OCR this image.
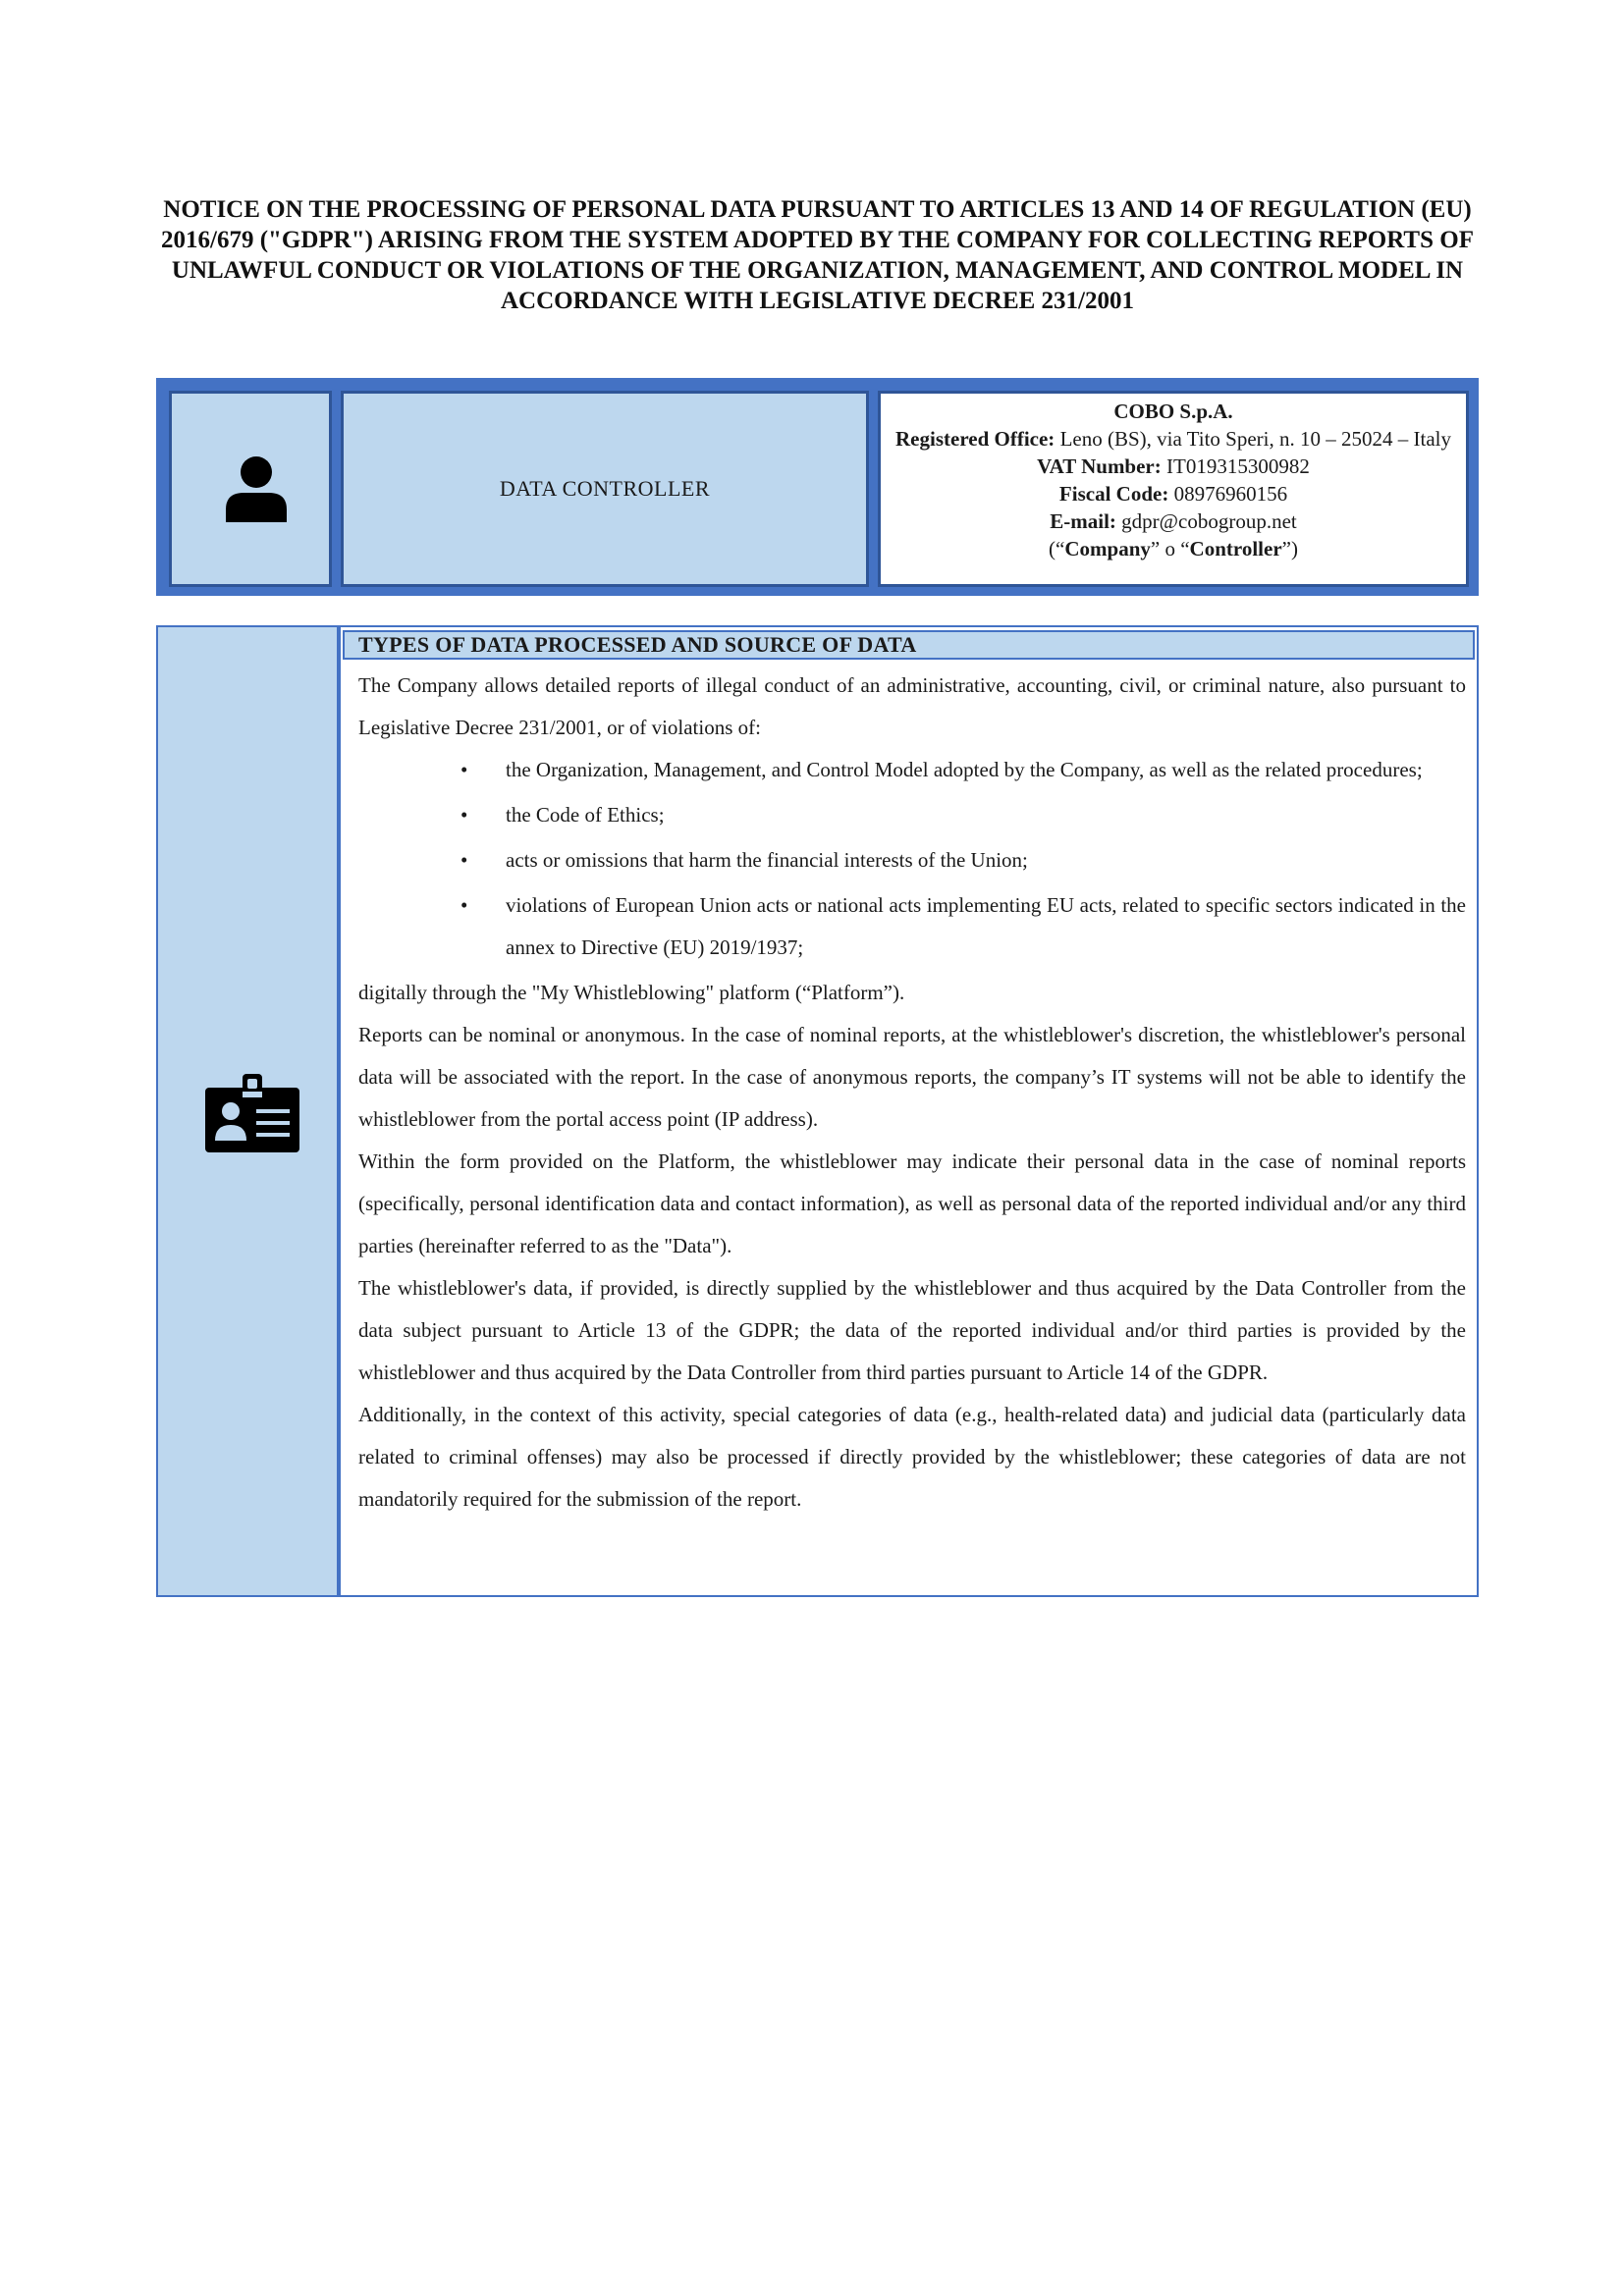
NOTICE ON THE PROCESSING OF PERSONAL DATA PURSUANT TO ARTICLES 13 AND 14 OF REGULATION (EU) 2016/679 ("GDPR") ARISING FROM THE SYSTEM ADOPTED BY THE COMPANY FOR COLLECTING REPORTS OF UNLAWFUL CONDUCT OR VIOLATIONS OF THE ORGANIZATION, MANAGEMENT, AND CONTROL MODEL IN ACCORDANCE WITH LEGISLATIVE DECREE 231/2001
DATA CONTROLLER
COBO S.p.A.
Registered Office: Leno (BS), via Tito Speri, n. 10 – 25024 – Italy
VAT Number: IT019315300982
Fiscal Code: 08976960156
E-mail: gdpr@cobogroup.net
(“Company” o “Controller”)
TYPES OF DATA PROCESSED AND SOURCE OF DATA

The Company allows detailed reports of illegal conduct of an administrative, accounting, civil, or criminal nature, also pursuant to Legislative Decree 231/2001, or of violations of:

• the Organization, Management, and Control Model adopted by the Company, as well as the related procedures;
• the Code of Ethics;
• acts or omissions that harm the financial interests of the Union;
• violations of European Union acts or national acts implementing EU acts, related to specific sectors indicated in the annex to Directive (EU) 2019/1937;

digitally through the "My Whistleblowing" platform (“Platform”).

Reports can be nominal or anonymous. In the case of nominal reports, at the whistleblower's discretion, the whistleblower's personal data will be associated with the report. In the case of anonymous reports, the company’s IT systems will not be able to identify the whistleblower from the portal access point (IP address).

Within the form provided on the Platform, the whistleblower may indicate their personal data in the case of nominal reports (specifically, personal identification data and contact information), as well as personal data of the reported individual and/or any third parties (hereinafter referred to as the "Data").

The whistleblower's data, if provided, is directly supplied by the whistleblower and thus acquired by the Data Controller from the data subject pursuant to Article 13 of the GDPR; the data of the reported individual and/or third parties is provided by the whistleblower and thus acquired by the Data Controller from third parties pursuant to Article 14 of the GDPR.

Additionally, in the context of this activity, special categories of data (e.g., health-related data) and judicial data (particularly data related to criminal offenses) may also be processed if directly provided by the whistleblower; these categories of data are not mandatorily required for the submission of the report.
